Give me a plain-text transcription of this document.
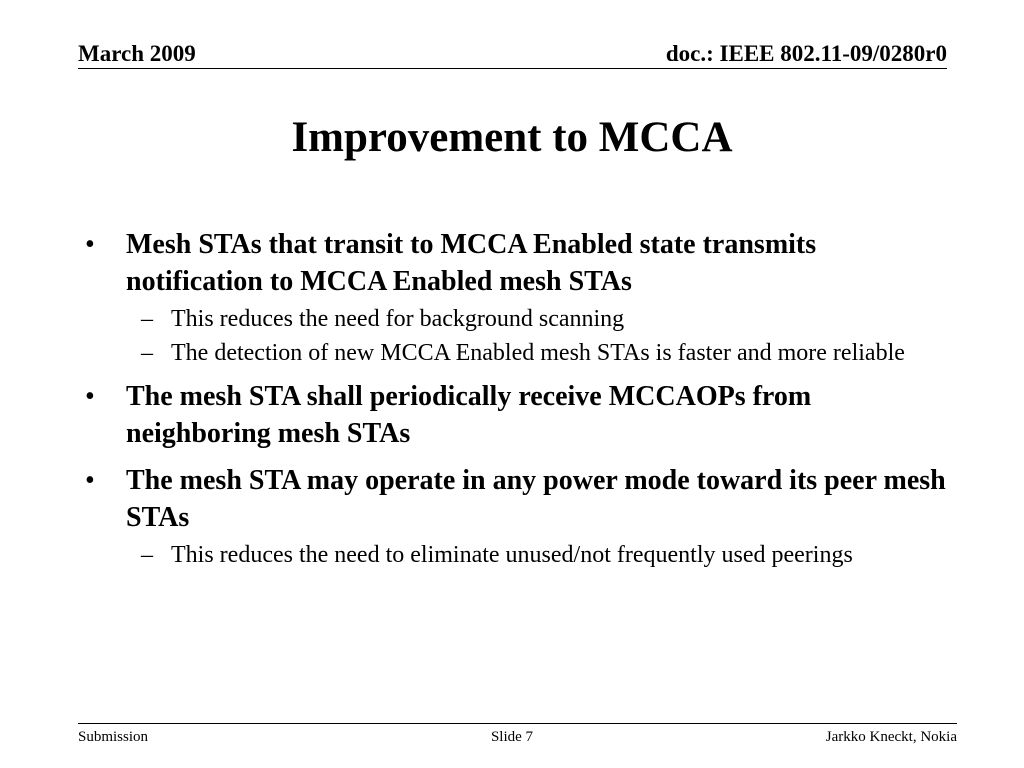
March 2009	doc.: IEEE 802.11-09/0280r0
Improvement to MCCA
• Mesh STAs that transit to MCCA Enabled state transmits notification to MCCA Enabled mesh STAs
– This reduces the need for background scanning
– The detection of new MCCA Enabled mesh STAs is faster and more reliable
• The mesh STA shall periodically receive MCCAOPs from neighboring mesh STAs
• The mesh STA may operate in any power mode toward its peer mesh STAs
– This reduces the need to eliminate unused/not frequently used peerings
Submission	Slide 7	Jarkko Kneckt, Nokia
